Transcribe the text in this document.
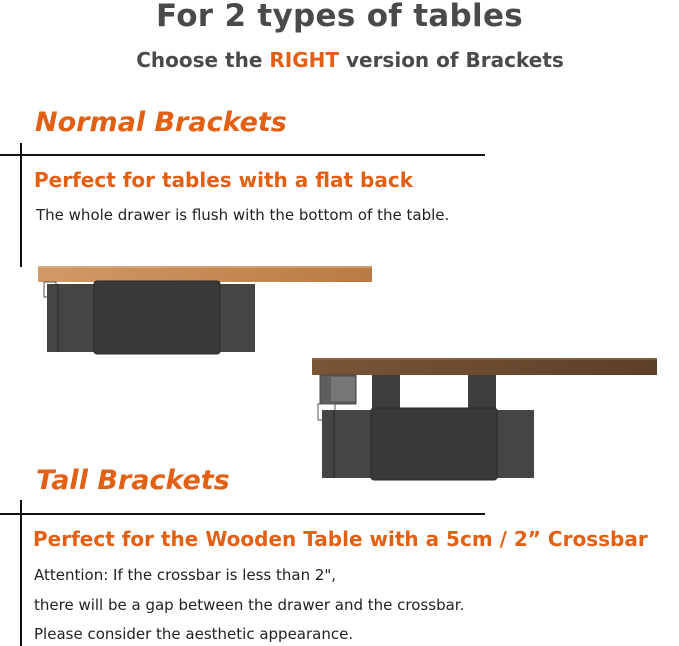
For 2 types of tables
Choose the RIGHT version of Brackets
Normal Brackets
Perfect for tables with a flat back
The whole drawer is flush with the bottom of the table.
Tall Brackets
Perfect for the Wooden Table with a 5cm / 2” Crossbar
Attention: If the crossbar is less than 2",
there will be a gap between the drawer and the crossbar.
Please consider the aesthetic appearance.
